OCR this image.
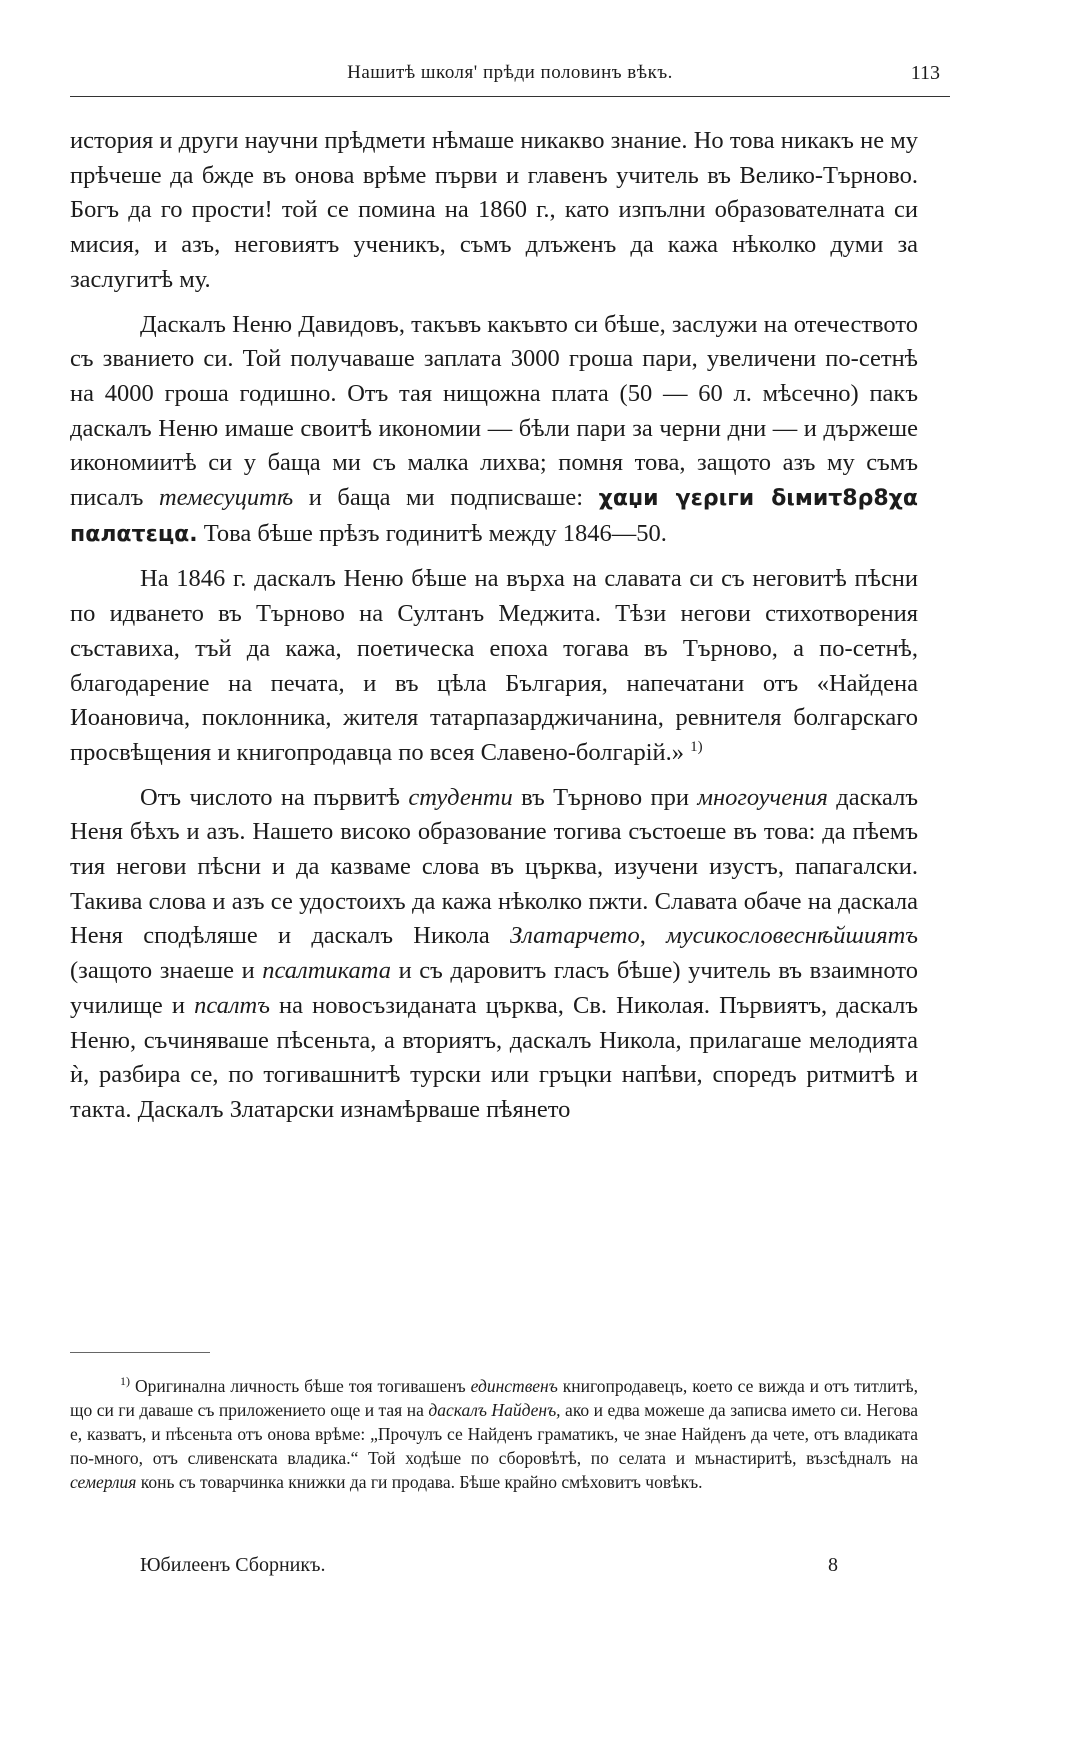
Нашитѣ школя' прѣди половинъ вѣкъ.	113

история и други научни прѣдмети нѣмаше никакво знание. Но това никакъ не му прѣчеше да бжде въ онова врѣме първи и главенъ учитель въ Велико-Търново. Богъ да го прости! той се помина на 1860 г., като изпълни образователната си мисия, и азъ, неговиятъ ученикъ, съмъ длъженъ да кажа нѣколко думи за заслугитѣ му.

Даскалъ Неню Давидовъ, такъвъ какъвто си бѣше, заслужи на отечеството съ званието си. Той получаваше заплата 3000 гроша пари, увеличени по-сетнѣ на 4000 гроша годишно. Отъ тая нищожна плата (50 — 60 л. мѣсечно) пакъ даскалъ Неню имаше своитѣ икономии — бѣли пари за черни дни — и държеше икономиитѣ си у баща ми съ малка лихва; помня това, защото азъ му съмъ писалъ темесуцитѣ и баща ми подписваше: χαџи γεριги διмиτ8ρ8χα пαлατεцα. Това бѣше прѣзъ годинитѣ между 1846—50.

На 1846 г. даскалъ Неню бѣше на върха на славата си съ неговитѣ пѣсни по идването въ Търново на Султанъ Меджита. Тѣзи негови стихотворения съставиха, тъй да кажа, поетическа епоха тогава въ Търново, а по-сетнѣ, благодарение на печата, и въ цѣла България, напечатани отъ «Найдена Иоановича, поклонника, жителя татарпазарджичанина, ревнителя болгарскаго просвѣщения и книгопродавца по всея Славено-болгарій.» $^{1)}$

Отъ числото на първитѣ студенти въ Търново при многоучения даскалъ Неня бѣхъ и азъ. Нашето високо образование тогива състоеше въ това: да пѣемъ тия негови пѣсни и да казваме слова въ църква, изучени изустъ, папагалски. Такива слова и азъ се удостоихъ да кажа нѣколко пжти. Славата обаче на даскала Неня сподѣляше и даскалъ Никола Златарчето, мусикословеснѣйшиятъ (защото знаеше и псалтиката и съ даровитъ гласъ бѣше) учитель въ взаимното училище и псалтъ на новосъзиданата църква, Св. Николая. Първиятъ, даскалъ Неню, съчиняваше пѣсеньта, а вториятъ, даскалъ Никола, прилагаше мелодията ѝ, разбира се, по тогивашнитѣ турски или гръцки напѣви, споредъ ритмитѣ и такта. Даскалъ Златарски изнамѣрваше пѣянето

$^{1)}$ Оригинална личность бѣше тоя тогивашенъ единственъ книгопродавецъ, което се вижда и отъ титлитѣ, що си ги даваше съ приложението още и тая на даскалъ Найденъ, ако и едва можеше да записва името си. Негова е, казватъ, и пѣсеньта отъ онова врѣме: „Прочулъ се Найденъ граматикъ, че знае Найденъ да чете, отъ владиката по-много, отъ сливенската владика.“ Той ходѣше по сборовѣтѣ, по селата и мънастиритѣ, възсѣдналъ на семерлия конь съ товарчинка книжки да ги продава. Бѣше крайно смѣховитъ човѣкъ.

Юбилеенъ Сборникъ.	8
